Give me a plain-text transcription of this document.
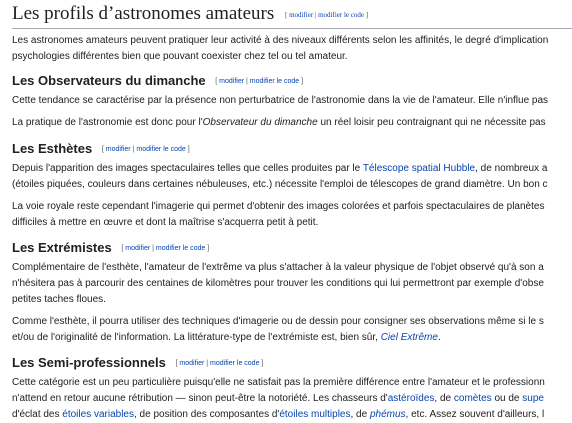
Les profils d’astronomes amateurs [ modifier | modifier le code ]

Les astronomes amateurs peuvent pratiquer leur activité à des niveaux différents selon les affinités, le degré d'implication
psychologies différentes bien que pouvant coexister chez tel ou tel amateur.

Les Observateurs du dimanche [ modifier | modifier le code ]

Cette tendance se caractérise par la présence non perturbatrice de l'astronomie dans la vie de l'amateur. Elle n'influe pas

La pratique de l'astronomie est donc pour l'Observateur du dimanche un réel loisir peu contraignant qui ne nécessite pas

Les Esthètes [ modifier | modifier le code ]

Depuis l'apparition des images spectaculaires telles que celles produites par le Télescope spatial Hubble, de nombreux a
(étoiles piquées, couleurs dans certaines nébuleuses, etc.) nécessite l'emploi de télescopes de grand diamètre. Un bon c

La voie royale reste cependant l'imagerie qui permet d'obtenir des images colorées et parfois spectaculaires de planètes
difficiles à mettre en œuvre et dont la maîtrise s'acquerra petit à petit.

Les Extrémistes [ modifier | modifier le code ]

Complémentaire de l'esthète, l'amateur de l'extrême va plus s'attacher à la valeur physique de l'objet observé qu'à son a
n'hésitera pas à parcourir des centaines de kilomètres pour trouver les conditions qui lui permettront par exemple d'obse
petites taches floues.

Comme l'esthète, il pourra utiliser des techniques d'imagerie ou de dessin pour consigner ses observations même si le s
et/ou de l'originalité de l'information. La littérature-type de l'extrémiste est, bien sûr, Ciel Extrême.

Les Semi-professionnels [ modifier | modifier le code ]

Cette catégorie est un peu particulière puisqu'elle ne satisfait pas la première différence entre l'amateur et le professionn
n'attend en retour aucune rétribution — sinon peut-être la notoriété. Les chasseurs d'astéroïdes, de comètes ou de supe
d'éclat des étoiles variables, de position des composantes d'étoiles multiples, de phémus, etc. Assez souvent d'ailleurs, l
